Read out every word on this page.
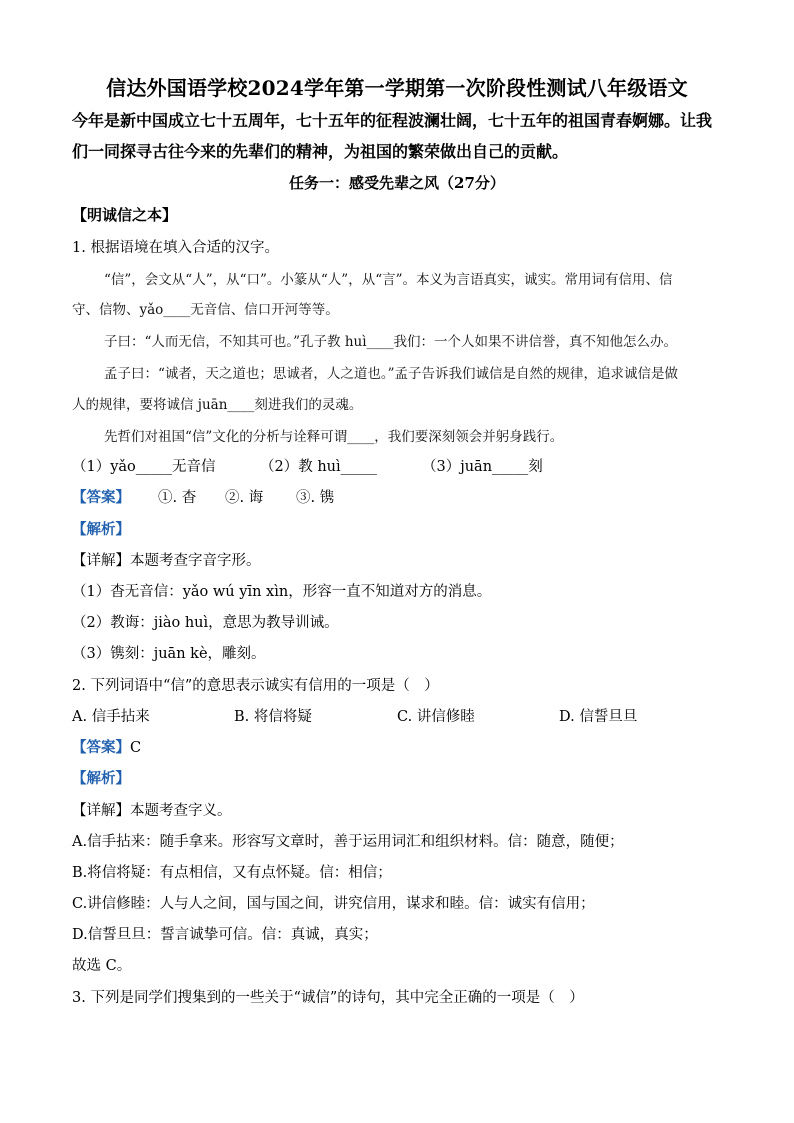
信达外国语学校2024学年第一学期第一次阶段性测试八年级语文
今年是新中国成立七十五周年，七十五年的征程波澜壮阔，七十五年的祖国青春婀娜。让我
们一同探寻古往今来的先辈们的精神，为祖国的繁荣做出自己的贡献。
任务一：感受先辈之风（27分）
【明诚信之本】
1. 根据语境在填入合适的汉字。
“信”，会文从“人”，从“口”。小篆从“人”，从“言”。本义为言语真实，诚实。常用词有信用、信
守、信物、yǎo____无音信、信口开河等等。
子曰：“人而无信，不知其可也。”孔子教 huì____我们：一个人如果不讲信誉，真不知他怎么办。
孟子曰：“诚者，天之道也；思诚者，人之道也。”孟子告诉我们诚信是自然的规律，追求诚信是做
人的规律，要将诚信 juān____刻进我们的灵魂。
先哲们对祖国“信”文化的分析与诠释可谓____，我们要深刻领会并躬身践行。
（1）yǎo_____无音信	（2）教 huì_____	（3）juān_____刻
【答案】 ①. 杳 ②. 诲 ③. 镌
【解析】
【详解】本题考查字音字形。
（1）杳无音信：yǎo wú yīn xìn，形容一直不知道对方的消息。
（2）教诲：jiào huì，意思为教导训诫。
（3）镌刻：juān kè，雕刻。
2. 下列词语中“信”的意思表示诚实有信用的一项是（　）
A. 信手拈来	B. 将信将疑	C. 讲信修睦	D. 信誓旦旦
【答案】C
【解析】
【详解】本题考查字义。
A.信手拈来：随手拿来。形容写文章时，善于运用词汇和组织材料。信：随意，随便；
B.将信将疑：有点相信，又有点怀疑。信：相信；
C.讲信修睦：人与人之间，国与国之间，讲究信用，谋求和睦。信：诚实有信用；
D.信誓旦旦：誓言诚挚可信。信：真诚，真实；
故选 C。
3. 下列是同学们搜集到的一些关于“诚信”的诗句，其中完全正确的一项是（　）
